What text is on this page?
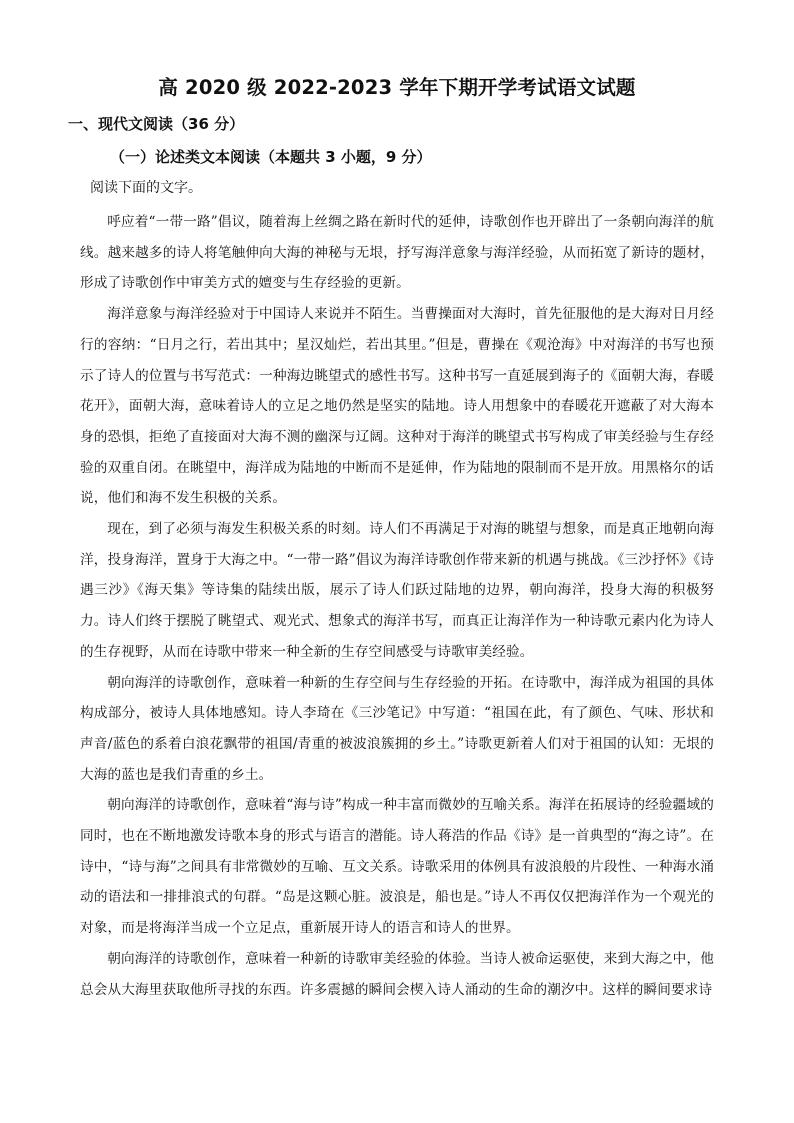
高 2020 级 2022-2023 学年下期开学考试语文试题
一、现代文阅读（36 分）
（一）论述类文本阅读（本题共 3 小题，9 分）
阅读下面的文字。

呼应着“一带一路”倡议，随着海上丝绸之路在新时代的延伸，诗歌创作也开辟出了一条朝向海洋的航线。越来越多的诗人将笔触伸向大海的神秘与无垠，抒写海洋意象与海洋经验，从而拓宽了新诗的题材，形成了诗歌创作中审美方式的嬗变与生存经验的更新。

海洋意象与海洋经验对于中国诗人来说并不陌生。当曹操面对大海时，首先征服他的是大海对日月经行的容纳：“日月之行，若出其中；星汉灿烂，若出其里。”但是，曹操在《观沧海》中对海洋的书写也预示了诗人的位置与书写范式：一种海边眺望式的感性书写。这种书写一直延展到海子的《面朝大海，春暖花开》，面朝大海，意味着诗人的立足之地仍然是坚实的陆地。诗人用想象中的春暖花开遮蔽了对大海本身的恐惧，拒绝了直接面对大海不测的幽深与辽阔。这种对于海洋的眺望式书写构成了审美经验与生存经验的双重自闭。在眺望中，海洋成为陆地的中断而不是延伸，作为陆地的限制而不是开放。用黑格尔的话说，他们和海不发生积极的关系。

现在，到了必须与海发生积极关系的时刻。诗人们不再满足于对海的眺望与想象，而是真正地朝向海洋，投身海洋，置身于大海之中。“一带一路”倡议为海洋诗歌创作带来新的机遇与挑战。《三沙抒怀》《诗遇三沙》《海天集》等诗集的陆续出版，展示了诗人们跃过陆地的边界，朝向海洋，投身大海的积极努力。诗人们终于摆脱了眺望式、观光式、想象式的海洋书写，而真正让海洋作为一种诗歌元素内化为诗人的生存视野，从而在诗歌中带来一种全新的生存空间感受与诗歌审美经验。

朝向海洋的诗歌创作，意味着一种新的生存空间与生存经验的开拓。在诗歌中，海洋成为祖国的具体构成部分，被诗人具体地感知。诗人李琦在《三沙笔记》中写道：“祖国在此，有了颜色、气味、形状和声音/蓝色的系着白浪花飘带的祖国/青重的被波浪簇拥的乡土。”诗歌更新着人们对于祖国的认知：无垠的大海的蓝也是我们青重的乡土。

朝向海洋的诗歌创作，意味着“海与诗”构成一种丰富而微妙的互喻关系。海洋在拓展诗的经验疆域的同时，也在不断地激发诗歌本身的形式与语言的潜能。诗人蒋浩的作品《诗》是一首典型的“海之诗”。在诗中，“诗与海”之间具有非常微妙的互喻、互文关系。诗歌采用的体例具有波浪般的片段性、一种海水涌动的语法和一排排浪式的句群。“岛是这颗心脏。波浪是，船也是。”诗人不再仅仅把海洋作为一个观光的对象，而是将海洋当成一个立足点，重新展开诗人的语言和诗人的世界。

朝向海洋的诗歌创作，意味着一种新的诗歌审美经验的体验。当诗人被命运驱使，来到大海之中，他总会从大海里获取他所寻找的东西。许多震撼的瞬间会楔入诗人涌动的生命的潮汐中。这样的瞬间要求诗
